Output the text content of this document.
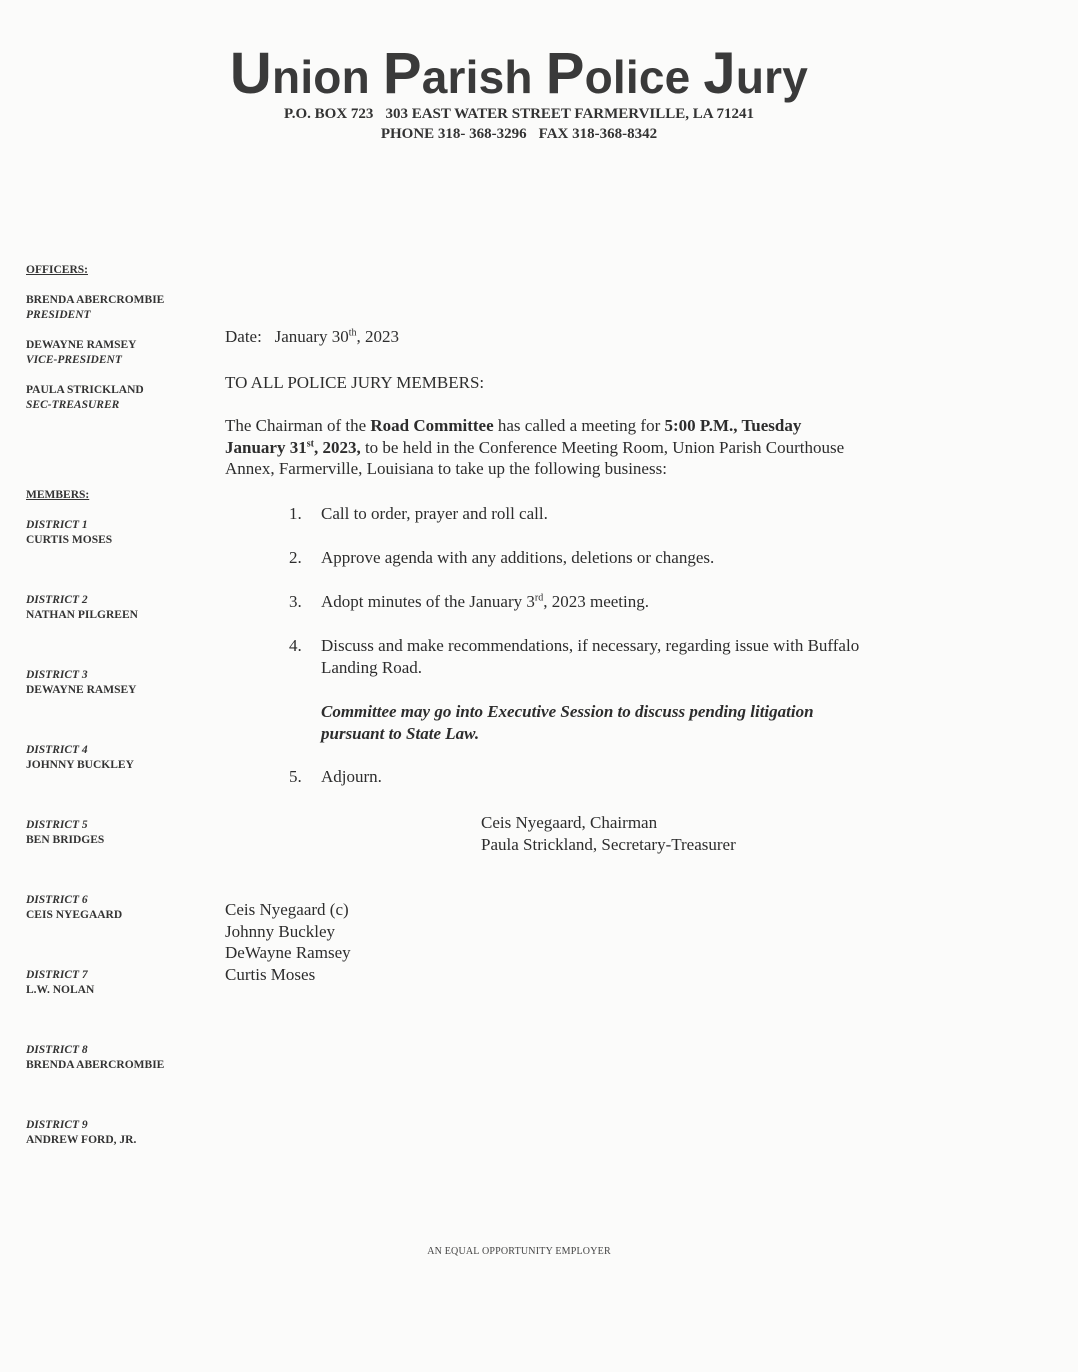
Union Parish Police Jury
P.O. BOX 723 303 EAST WATER STREET FARMERVILLE, LA 71241
PHONE 318- 368-3296 FAX 318-368-8342
OFFICERS:
BRENDA ABERCROMBIE
PRESIDENT
DEWAYNE RAMSEY
VICE-PRESIDENT
PAULA STRICKLAND
SEC-TREASURER
MEMBERS:
DISTRICT 1
CURTIS MOSES
DISTRICT 2
NATHAN PILGREEN
DISTRICT 3
DEWAYNE RAMSEY
DISTRICT 4
JOHNNY BUCKLEY
DISTRICT 5
BEN BRIDGES
DISTRICT 6
CEIS NYEGAARD
DISTRICT 7
L.W. NOLAN
DISTRICT 8
BRENDA ABERCROMBIE
DISTRICT 9
ANDREW FORD, JR.
Date: January 30th, 2023
TO ALL POLICE JURY MEMBERS:
The Chairman of the Road Committee has called a meeting for 5:00 P.M., Tuesday
January 31st, 2023, to be held in the Conference Meeting Room, Union Parish Courthouse
Annex, Farmerville, Louisiana to take up the following business:
1. Call to order, prayer and roll call.
2. Approve agenda with any additions, deletions or changes.
3. Adopt minutes of the January 3rd, 2023 meeting.
4. Discuss and make recommendations, if necessary, regarding issue with Buffalo
Landing Road.
Committee may go into Executive Session to discuss pending litigation
pursuant to State Law.
5. Adjourn.
Ceis Nyegaard, Chairman
Paula Strickland, Secretary-Treasurer
Ceis Nyegaard (c)
Johnny Buckley
DeWayne Ramsey
Curtis Moses
AN EQUAL OPPORTUNITY EMPLOYER
